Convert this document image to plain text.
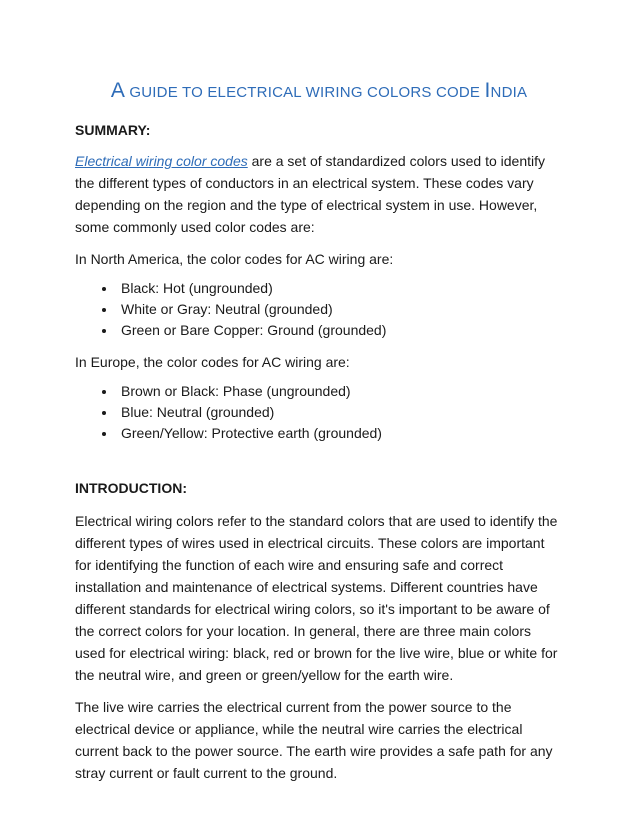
A GUIDE TO ELECTRICAL WIRING COLORS CODE INDIA
SUMMARY:

Electrical wiring color codes are a set of standardized colors used to identify the different types of conductors in an electrical system. These codes vary depending on the region and the type of electrical system in use. However, some commonly used color codes are:

In North America, the color codes for AC wiring are:

• Black: Hot (ungrounded)
• White or Gray: Neutral (grounded)
• Green or Bare Copper: Ground (grounded)

In Europe, the color codes for AC wiring are:

• Brown or Black: Phase (ungrounded)
• Blue: Neutral (grounded)
• Green/Yellow: Protective earth (grounded)
INTRODUCTION:

Electrical wiring colors refer to the standard colors that are used to identify the different types of wires used in electrical circuits. These colors are important for identifying the function of each wire and ensuring safe and correct installation and maintenance of electrical systems. Different countries have different standards for electrical wiring colors, so it's important to be aware of the correct colors for your location. In general, there are three main colors used for electrical wiring: black, red or brown for the live wire, blue or white for the neutral wire, and green or green/yellow for the earth wire.

The live wire carries the electrical current from the power source to the electrical device or appliance, while the neutral wire carries the electrical current back to the power source. The earth wire provides a safe path for any stray current or fault current to the ground.
